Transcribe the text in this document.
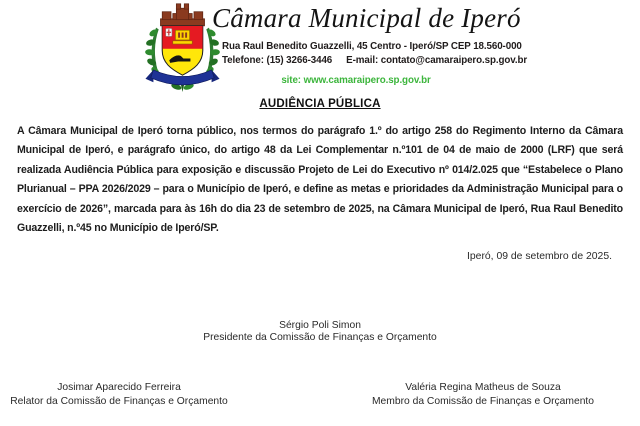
Câmara Municipal de Iperó
Rua Raul Benedito Guazzelli, 45 Centro - Iperó/SP CEP 18.560-000
Telefone: (15) 3266-3446 E-mail: contato@camaraipero.sp.gov.br
site: www.camaraipero.sp.gov.br
AUDIÊNCIA PÚBLICA

A Câmara Municipal de Iperó torna público, nos termos do parágrafo 1.º do artigo 258 do Regimento Interno da Câmara Municipal de Iperó, e parágrafo único, do artigo 48 da Lei Complementar n.º101 de 04 de maio de 2000 (LRF) que será realizada Audiência Pública para exposição e discussão Projeto de Lei do Executivo nº 014/2.025 que “Estabelece o Plano Plurianual – PPA 2026/2029 – para o Município de Iperó, e define as metas e prioridades da Administração Municipal para o exercício de 2026”, marcada para às 16h do dia 23 de setembro de 2025, na Câmara Municipal de Iperó, Rua Raul Benedito Guazzelli, n.º45 no Município de Iperó/SP.

Iperó, 09 de setembro de 2025.

Sérgio Poli Simon

Presidente da Comissão de Finanças e Orçamento

Josimar Aparecido Ferreira

Relator da Comissão de Finanças e Orçamento

Valéria Regina Matheus de Souza

Membro da Comissão de Finanças e Orçamento
